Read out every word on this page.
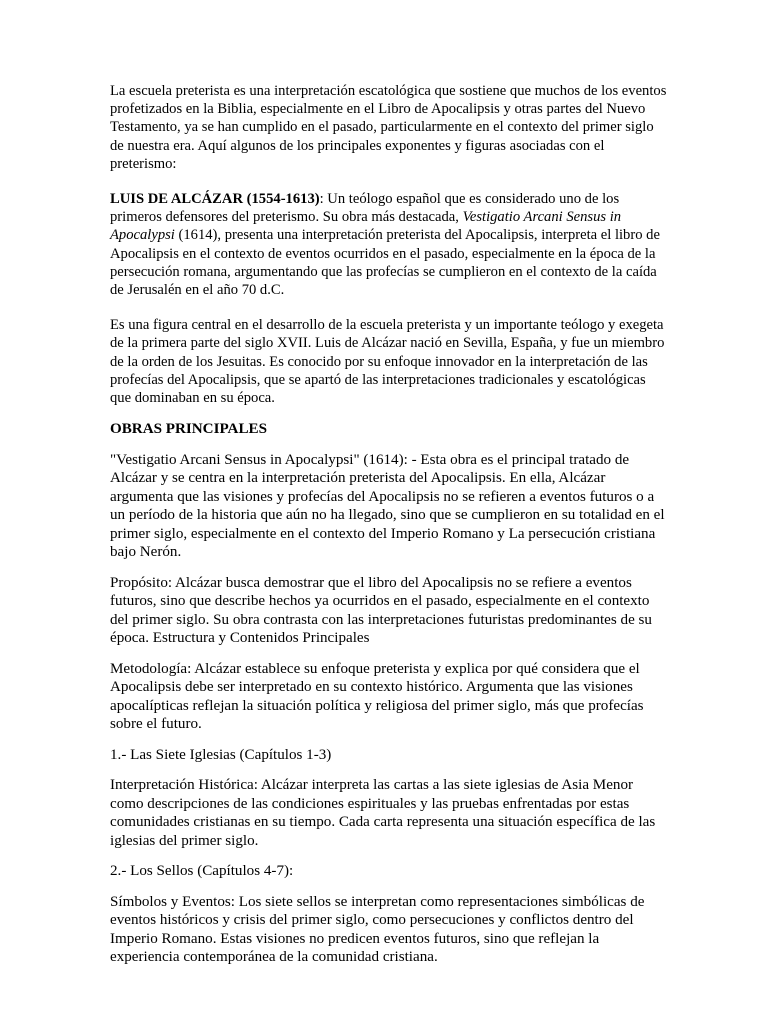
La escuela preterista es una interpretación escatológica que sostiene que muchos de los eventos profetizados en la Biblia, especialmente en el Libro de Apocalipsis y otras partes del Nuevo Testamento, ya se han cumplido en el pasado, particularmente en el contexto del primer siglo de nuestra era. Aquí algunos de los principales exponentes y figuras asociadas con el preterismo:

LUIS DE ALCÁZAR (1554-1613): Un teólogo español que es considerado uno de los primeros defensores del preterismo. Su obra más destacada, Vestigatio Arcani Sensus in Apocalypsi (1614), presenta una interpretación preterista del Apocalipsis, interpreta el libro de Apocalipsis en el contexto de eventos ocurridos en el pasado, especialmente en la época de la persecución romana, argumentando que las profecías se cumplieron en el contexto de la caída de Jerusalén en el año 70 d.C.

Es una figura central en el desarrollo de la escuela preterista y un importante teólogo y exegeta de la primera parte del siglo XVII. Luis de Alcázar nació en Sevilla, España, y fue un miembro de la orden de los Jesuitas. Es conocido por su enfoque innovador en la interpretación de las profecías del Apocalipsis, que se apartó de las interpretaciones tradicionales y escatológicas que dominaban en su época.

OBRAS PRINCIPALES

"Vestigatio Arcani Sensus in Apocalypsi" (1614): - Esta obra es el principal tratado de Alcázar y se centra en la interpretación preterista del Apocalipsis. En ella, Alcázar argumenta que las visiones y profecías del Apocalipsis no se refieren a eventos futuros o a un período de la historia que aún no ha llegado, sino que se cumplieron en su totalidad en el primer siglo, especialmente en el contexto del Imperio Romano y La persecución cristiana bajo Nerón.

Propósito: Alcázar busca demostrar que el libro del Apocalipsis no se refiere a eventos futuros, sino que describe hechos ya ocurridos en el pasado, especialmente en el contexto del primer siglo. Su obra contrasta con las interpretaciones futuristas predominantes de su época. Estructura y Contenidos Principales

Metodología: Alcázar establece su enfoque preterista y explica por qué considera que el Apocalipsis debe ser interpretado en su contexto histórico. Argumenta que las visiones apocalípticas reflejan la situación política y religiosa del primer siglo, más que profecías sobre el futuro.

1.- Las Siete Iglesias (Capítulos 1-3)

Interpretación Histórica: Alcázar interpreta las cartas a las siete iglesias de Asia Menor como descripciones de las condiciones espirituales y las pruebas enfrentadas por estas comunidades cristianas en su tiempo. Cada carta representa una situación específica de las iglesias del primer siglo.

2.- Los Sellos (Capítulos 4-7):

Símbolos y Eventos: Los siete sellos se interpretan como representaciones simbólicas de eventos históricos y crisis del primer siglo, como persecuciones y conflictos dentro del Imperio Romano. Estas visiones no predicen eventos futuros, sino que reflejan la experiencia contemporánea de la comunidad cristiana.
